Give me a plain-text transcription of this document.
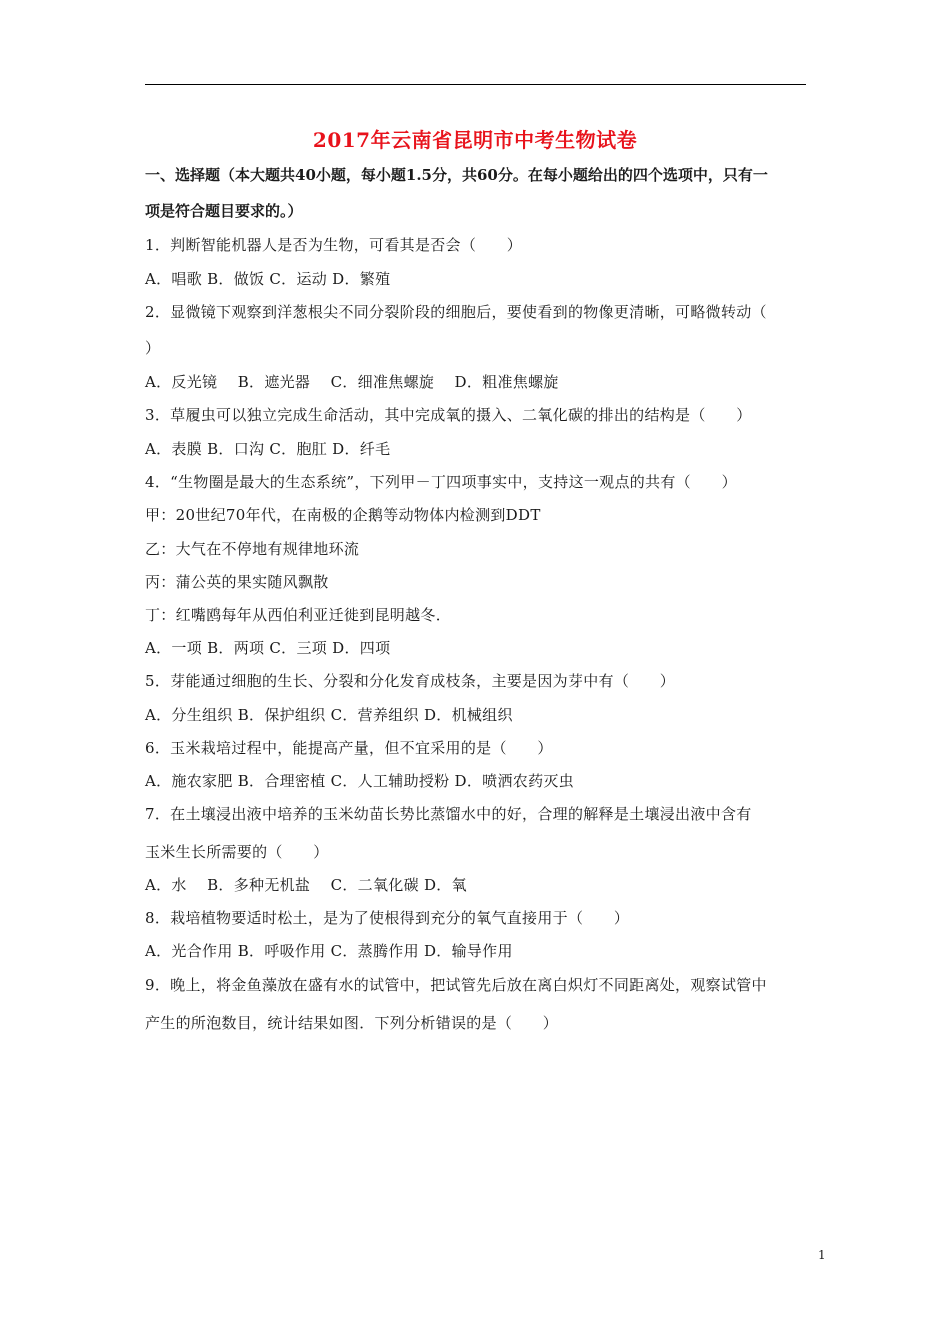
2017年云南省昆明市中考生物试卷
一、选择题（本大题共40小题，每小题1.5分，共60分。在每小题给出的四个选项中，只有一
项是符合题目要求的。）
1．判断智能机器人是否为生物，可看其是否会（　　）
A．唱歌 B．做饭 C．运动 D．繁殖
2．显微镜下观察到洋葱根尖不同分裂阶段的细胞后，要使看到的物像更清晰，可略微转动（
）
A．反光镜　 B．遮光器　 C．细准焦螺旋　 D．粗准焦螺旋
3．草履虫可以独立完成生命活动，其中完成氧的摄入、二氧化碳的排出的结构是（　　）
A．表膜 B．口沟 C．胞肛 D．纤毛
4．“生物圈是最大的生态系统”，下列甲－丁四项事实中，支持这一观点的共有（　　）
甲：20世纪70年代，在南极的企鹅等动物体内检测到DDT
乙：大气在不停地有规律地环流
丙：蒲公英的果实随风飘散
丁：红嘴鸥每年从西伯利亚迁徙到昆明越冬．
A．一项 B．两项 C．三项 D．四项
5．芽能通过细胞的生长、分裂和分化发育成枝条，主要是因为芽中有（　　）
A．分生组织 B．保护组织 C．营养组织 D．机械组织
6．玉米栽培过程中，能提高产量，但不宜采用的是（　　）
A．施农家肥 B．合理密植 C．人工辅助授粉 D．喷洒农药灭虫
7．在土壤浸出液中培养的玉米幼苗长势比蒸馏水中的好，合理的解释是土壤浸出液中含有
玉米生长所需要的（　　）
A．水　 B．多种无机盐　 C．二氧化碳 D．氧
8．栽培植物要适时松土，是为了使根得到充分的氧气直接用于（　　）
A．光合作用 B．呼吸作用 C．蒸腾作用 D．输导作用
9．晚上，将金鱼藻放在盛有水的试管中，把试管先后放在离白炽灯不同距离处，观察试管中
产生的所泡数目，统计结果如图．下列分析错误的是（　　）
1
